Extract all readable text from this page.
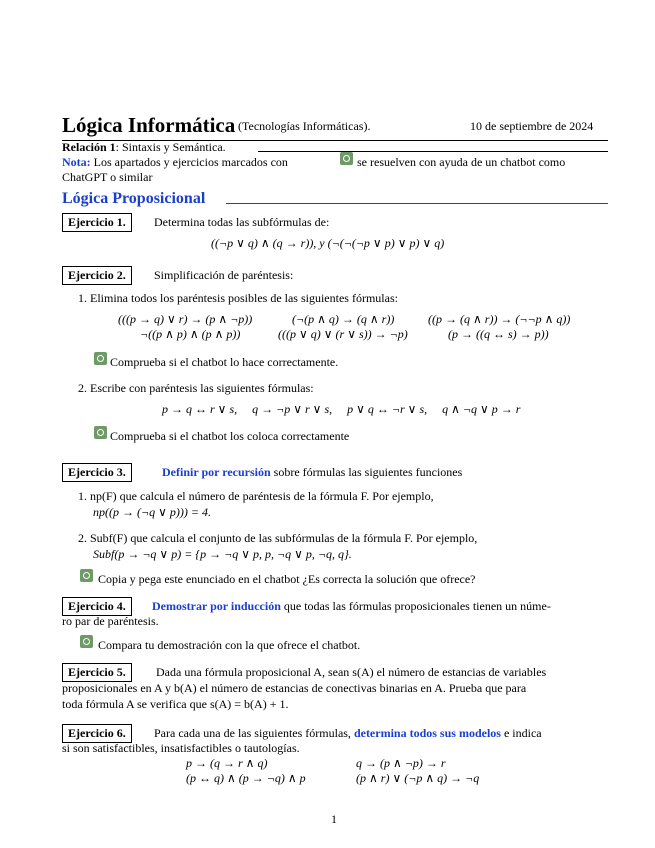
Lógica Informática (Tecnologías Informáticas).	10 de septiembre de 2024
Relación 1: Sintaxis y Semántica.
Nota: Los apartados y ejercicios marcados con	se resuelven con ayuda de un chatbot como
ChatGPT o similar
Lógica Proposicional
Ejercicio 1.	Determina todas las subfórmulas de:
((¬p ∨ q) ∧ (q → r)), y (¬(¬(¬p ∨ p) ∨ p) ∨ q)
Ejercicio 2.	Simplificación de paréntesis:
1. Elimina todos los paréntesis posibles de las siguientes fórmulas:
(((p → q) ∨ r) → (p ∧ ¬p))	(¬(p ∧ q) → (q ∧ r))	((p → (q ∧ r)) → (¬¬p ∧ q))
¬((p ∧ p) ∧ (p ∧ p))	(((p ∨ q) ∨ (r ∨ s)) → ¬p)	(p → ((q ↔ s) → p))
Comprueba si el chatbot lo hace correctamente.
2. Escribe con paréntesis las siguientes fórmulas:
p → q ↔ r ∨ s,     q → ¬p ∨ r ∨ s,     p ∨ q ↔ ¬r ∨ s,     q ∧ ¬q ∨ p → r
Comprueba si el chatbot los coloca correctamente
Ejercicio 3.	Definir por recursión sobre fórmulas las siguientes funciones
1. np(F) que calcula el número de paréntesis de la fórmula F. Por ejemplo,
np((p → (¬q ∨ p))) = 4.
2. Subf(F) que calcula el conjunto de las subfórmulas de la fórmula F. Por ejemplo,
Subf(p → ¬q ∨ p) = {p → ¬q ∨ p, p, ¬q ∨ p, ¬q, q}.
Copia y pega este enunciado en el chatbot ¿Es correcta la solución que ofrece?
Ejercicio 4.	Demostrar por inducción que todas las fórmulas proposicionales tienen un núme-
ro par de paréntesis.
Compara tu demostración con la que ofrece el chatbot.
Ejercicio 5.	Dada una fórmula proposicional A, sean s(A) el número de estancias de variables
proposicionales en A y b(A) el número de estancias de conectivas binarias en A. Prueba que para
toda fórmula A se verifica que s(A) = b(A) + 1.
Ejercicio 6.	Para cada una de las siguientes fórmulas, determina todos sus modelos e indica
si son satisfactibles, insatisfactibles o tautologías.
p → (q → r ∧ q)	q → (p ∧ ¬p) → r
(p ↔ q) ∧ (p → ¬q) ∧ p	(p ∧ r) ∨ (¬p ∧ q) → ¬q
1
